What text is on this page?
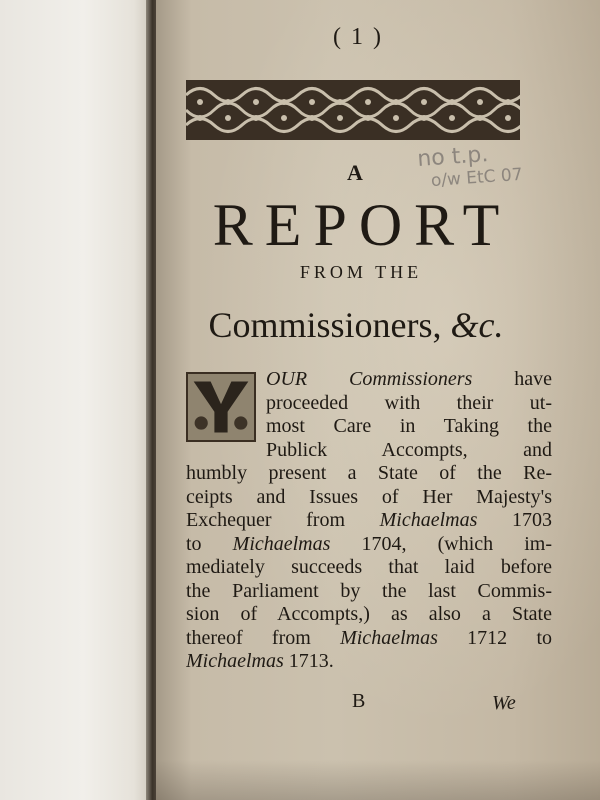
( 1 )
no t.p.
o/w EtC 07
A
REPORT
FROM THE
Commissioners, &c.
Y
OUR Commissioners have
proceeded with their ut-
most Care in Taking the
Publick Accompts, and
humbly present a State of the Re-
ceipts and Issues of Her Majesty's
Exchequer from Michaelmas 1703
to Michaelmas 1704, (which im-
mediately succeeds that laid before
the Parliament by the last Commis-
sion of Accompts,) as also a State
thereof from Michaelmas 1712 to
Michaelmas 1713.
B	We
